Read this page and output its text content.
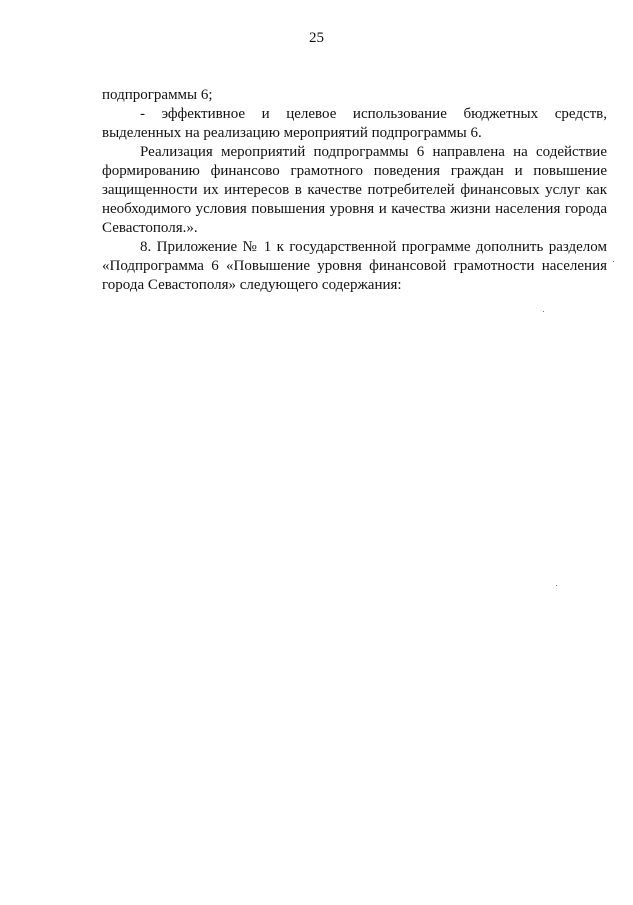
25

подпрограммы 6;

- эффективное и целевое использование бюджетных средств, выделенных на реализацию мероприятий подпрограммы 6.

Реализация мероприятий подпрограммы 6 направлена на содействие формированию финансово грамотного поведения граждан и повышение защищенности их интересов в качестве потребителей финансовых услуг как необходимого условия повышения уровня и качества жизни населения города Севастополя.».

8. Приложение № 1 к государственной программе дополнить разделом «Подпрограмма 6 «Повышение уровня финансовой грамотности населения города Севастополя» следующего содержания:
